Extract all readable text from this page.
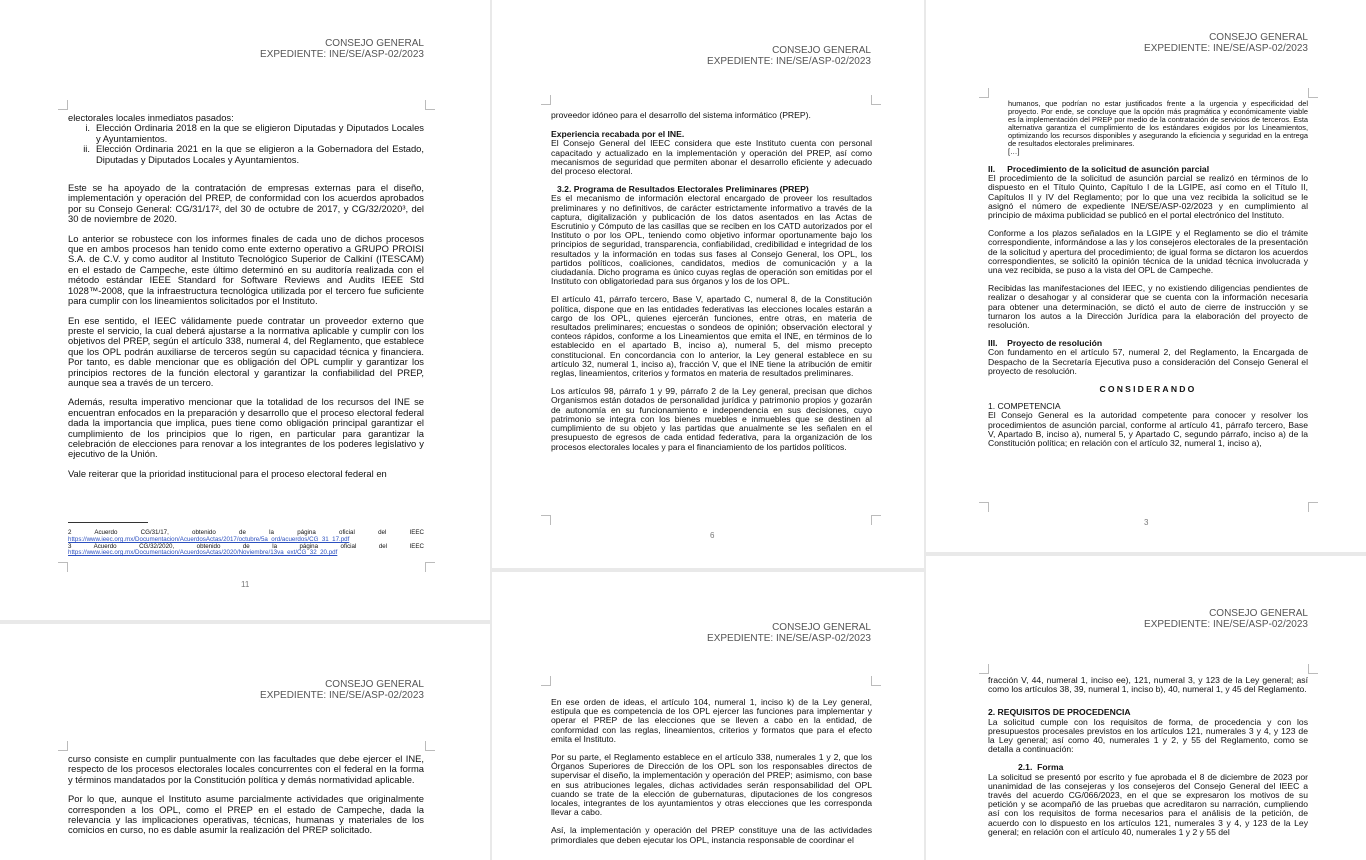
CONSEJO GENERAL
EXPEDIENTE: INE/SE/ASP-02/2023

electorales locales inmediatos pasados:

i. Elección Ordinaria 2018 en la que se eligieron Diputadas y Diputados Locales y Ayuntamientos.
ii. Elección Ordinaria 2021 en la que se eligieron a la Gobernadora del Estado, Diputadas y Diputados Locales y Ayuntamientos.

Este se ha apoyado de la contratación de empresas externas para el diseño, implementación y operación del PREP, de conformidad con los acuerdos aprobados por su Consejo General: CG/31/17², del 30 de octubre de 2017, y CG/32/2020³, del 30 de noviembre de 2020.

Lo anterior se robustece con los informes finales de cada uno de dichos procesos que en ambos procesos han tenido como ente externo operativo a GRUPO PROISI S.A. de C.V. y como auditor al Instituto Tecnológico Superior de Calkiní (ITESCAM) en el estado de Campeche, este último determinó en su auditoría realizada con el método estándar IEEE Standard for Software Reviews and Audits IEEE Std 1028™-2008, que la infraestructura tecnológica utilizada por el tercero fue suficiente para cumplir con los lineamientos solicitados por el Instituto.

En ese sentido, el IEEC válidamente puede contratar un proveedor externo que preste el servicio, la cual deberá ajustarse a la normativa aplicable y cumplir con los objetivos del PREP, según el artículo 338, numeral 4, del Reglamento, que establece que los OPL podrán auxiliarse de terceros según su capacidad técnica y financiera. Por tanto, es dable mencionar que es obligación del OPL cumplir y garantizar los principios rectores de la función electoral y garantizar la confiabilidad del PREP, aunque sea a través de un tercero.

Además, resulta imperativo mencionar que la totalidad de los recursos del INE se encuentran enfocados en la preparación y desarrollo que el proceso electoral federal dada la importancia que implica, pues tiene como obligación principal garantizar el cumplimiento de los principios que lo rigen, en particular para garantizar la celebración de elecciones para renovar a los integrantes de los poderes legislativo y ejecutivo de la Unión.

Vale reiterar que la prioridad institucional para el proceso electoral federal en

2 Acuerdo CG/31/17, obtenido de la página oficial del IEEC
https://www.ieec.org.mx/Documentacion/AcuerdosActas/2017/octubre/5a_ord/acuerdos/CG_31_17.pdf
3 Acuerdo CG/32/2020, obtenido de la página oficial del IEEC
https://www.ieec.org.mx/Documentacion/AcuerdosActas/2020/Noviembre/13va_ext/CG_32_20.pdf
11
CONSEJO GENERAL
EXPEDIENTE: INE/SE/ASP-02/2023

proveedor idóneo para el desarrollo del sistema informático (PREP).

Experiencia recabada por el INE.

El Consejo General del IEEC considera que este Instituto cuenta con personal capacitado y actualizado en la implementación y operación del PREP, así como mecanismos de seguridad que permiten abonar el desarrollo eficiente y adecuado del proceso electoral.

3.2. Programa de Resultados Electorales Preliminares (PREP)

Es el mecanismo de información electoral encargado de proveer los resultados preliminares y no definitivos, de carácter estrictamente informativo a través de la captura, digitalización y publicación de los datos asentados en las Actas de Escrutinio y Cómputo de las casillas que se reciben en los CATD autorizados por el Instituto o por los OPL, teniendo como objetivo informar oportunamente bajo los principios de seguridad, transparencia, confiabilidad, credibilidad e integridad de los resultados y la información en todas sus fases al Consejo General, los OPL, los partidos políticos, coaliciones, candidatos, medios de comunicación y a la ciudadanía. Dicho programa es único cuyas reglas de operación son emitidas por el Instituto con obligatoriedad para sus órganos y los de los OPL.

El artículo 41, párrafo tercero, Base V, apartado C, numeral 8, de la Constitución política, dispone que en las entidades federativas las elecciones locales estarán a cargo de los OPL, quienes ejercerán funciones, entre otras, en materia de resultados preliminares; encuestas o sondeos de opinión; observación electoral y conteos rápidos, conforme a los Lineamientos que emita el INE, en términos de lo establecido en el apartado B, inciso a), numeral 5, del mismo precepto constitucional. En concordancia con lo anterior, la Ley general establece en su artículo 32, numeral 1, inciso a), fracción V, que el INE tiene la atribución de emitir reglas, lineamientos, criterios y formatos en materia de resultados preliminares.

Los artículos 98, párrafo 1 y 99, párrafo 2 de la Ley general, precisan que dichos Organismos están dotados de personalidad jurídica y patrimonio propios y gozarán de autonomía en su funcionamiento e independencia en sus decisiones, cuyo patrimonio se integra con los bienes muebles e inmuebles que se destinen al cumplimiento de su objeto y las partidas que anualmente se les señalen en el presupuesto de egresos de cada entidad federativa, para la organización de los procesos electorales locales y para el financiamiento de los partidos políticos.

6
CONSEJO GENERAL
EXPEDIENTE: INE/SE/ASP-02/2023

humanos, que podrían no estar justificados frente a la urgencia y especificidad del proyecto. Por ende, se concluye que la opción más pragmática y económicamente viable es la implementación del PREP por medio de la contratación de servicios de terceros. Esta alternativa garantiza el cumplimiento de los estándares exigidos por los Lineamientos, optimizando los recursos disponibles y asegurando la eficiencia y seguridad en la entrega de resultados electorales preliminares.

[…]

II.     Procedimiento de la solicitud de asunción parcial

El procedimiento de la solicitud de asunción parcial se realizó en términos de lo dispuesto en el Título Quinto, Capítulo I de la LGIPE, así como en el Título II, Capítulos II y IV del Reglamento; por lo que una vez recibida la solicitud se le asignó el número de expediente INE/SE/ASP-02/2023 y en cumplimiento al principio de máxima publicidad se publicó en el portal electrónico del Instituto.

Conforme a los plazos señalados en la LGIPE y el Reglamento se dio el trámite correspondiente, informándose a las y los consejeros electorales de la presentación de la solicitud y apertura del procedimiento; de igual forma se dictaron los acuerdos correspondientes, se solicitó la opinión técnica de la unidad técnica involucrada y una vez recibida, se puso a la vista del OPL de Campeche.

Recibidas las manifestaciones del IEEC, y no existiendo diligencias pendientes de realizar o desahogar y al considerar que se cuenta con la información necesaria para obtener una determinación, se dictó el auto de cierre de instrucción y se turnaron los autos a la Dirección Jurídica para la elaboración del proyecto de resolución.

III.    Proyecto de resolución

Con fundamento en el artículo 57, numeral 2, del Reglamento, la Encargada de Despacho de la Secretaría Ejecutiva puso a consideración del Consejo General el proyecto de resolución.

CONSIDERANDO

1. COMPETENCIA

El Consejo General es la autoridad competente para conocer y resolver los procedimientos de asunción parcial, conforme al artículo 41, párrafo tercero, Base V, Apartado B, inciso a), numeral 5, y Apartado C, segundo párrafo, inciso a) de la Constitución política; en relación con el artículo 32, numeral 1, inciso a),

3
CONSEJO GENERAL
EXPEDIENTE: INE/SE/ASP-02/2023

curso consiste en cumplir puntualmente con las facultades que debe ejercer el INE, respecto de los procesos electorales locales concurrentes con el federal en la forma y términos mandatados por la Constitución política y demás normatividad aplicable.

Por lo que, aunque el Instituto asume parcialmente actividades que originalmente corresponden a los OPL, como el PREP en el estado de Campeche, dada la relevancia y las implicaciones operativas, técnicas, humanas y materiales de los comicios en curso, no es dable asumir la realización del PREP solicitado.

CONSEJO GENERAL
EXPEDIENTE: INE/SE/ASP-02/2023

En ese orden de ideas, el artículo 104, numeral 1, inciso k) de la Ley general, estipula que es competencia de los OPL ejercer las funciones para implementar y operar el PREP de las elecciones que se lleven a cabo en la entidad, de conformidad con las reglas, lineamientos, criterios y formatos que para el efecto emita el Instituto.

Por su parte, el Reglamento establece en el artículo 338, numerales 1 y 2, que los Órganos Superiores de Dirección de los OPL son los responsables directos de supervisar el diseño, la implementación y operación del PREP; asimismo, con base en sus atribuciones legales, dichas actividades serán responsabilidad del OPL cuando se trate de la elección de gubernaturas, diputaciones de los congresos locales, integrantes de los ayuntamientos y otras elecciones que les corresponda llevar a cabo.

Así, la implementación y operación del PREP constituye una de las actividades primordiales que deben ejecutar los OPL, instancia responsable de coordinar el

CONSEJO GENERAL
EXPEDIENTE: INE/SE/ASP-02/2023

fracción V, 44, numeral 1, inciso ee), 121, numeral 3, y 123 de la Ley general; así como los artículos 38, 39, numeral 1, inciso b), 40, numeral 1, y 45 del Reglamento.

2. REQUISITOS DE PROCEDENCIA

La solicitud cumple con los requisitos de forma, de procedencia y con los presupuestos procesales previstos en los artículos 121, numerales 3 y 4, y 123 de la Ley general; así como 40, numerales 1 y 2, y 55 del Reglamento, como se detalla a continuación:

2.1.  Forma

La solicitud se presentó por escrito y fue aprobada el 8 de diciembre de 2023 por unanimidad de las consejeras y los consejeros del Consejo General del IEEC a través del acuerdo CG/066/2023, en el que se expresaron los motivos de su petición y se acompañó de las pruebas que acreditaron su narración, cumpliendo así con los requisitos de forma necesarios para el análisis de la petición, de acuerdo con lo dispuesto en los artículos 121, numerales 3 y 4, y 123 de la Ley general; en relación con el artículo 40, numerales 1 y 2 y 55 del
